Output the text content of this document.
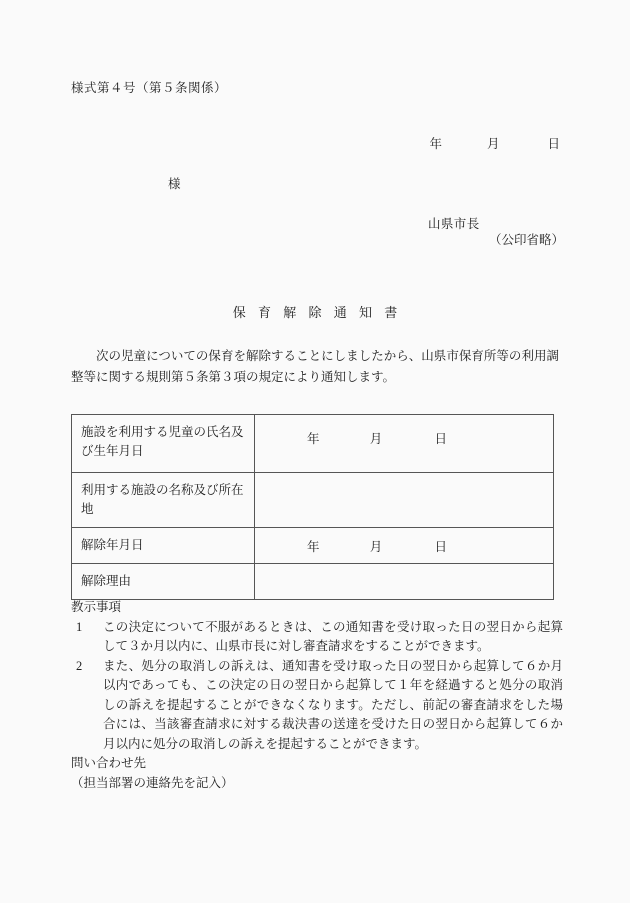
様式第４号（第５条関係）
年	月	日
様
山県市長
（公印省略）
保 育 解 除 通 知 書
次の児童についての保育を解除することにしましたから、山県市保育所等の利用調整等に関する規則第５条第３項の規定により通知します。
施設を利用する児童の氏名及び生年月日	年 月 日

利用する施設の名称及び所在地	
解除年月日	年 月 日

解除理由	
教示事項
1	この決定について不服があるときは、この通知書を受け取った日の翌日から起算して３か月以内に、山県市長に対し審査請求をすることができます。
2	また、処分の取消しの訴えは、通知書を受け取った日の翌日から起算して６か月以内であっても、この決定の日の翌日から起算して１年を経過すると処分の取消しの訴えを提起することができなくなります。ただし、前記の審査請求をした場合には、当該審査請求に対する裁決書の送達を受けた日の翌日から起算して６か月以内に処分の取消しの訴えを提起することができます。
問い合わせ先
（担当部署の連絡先を記入）
